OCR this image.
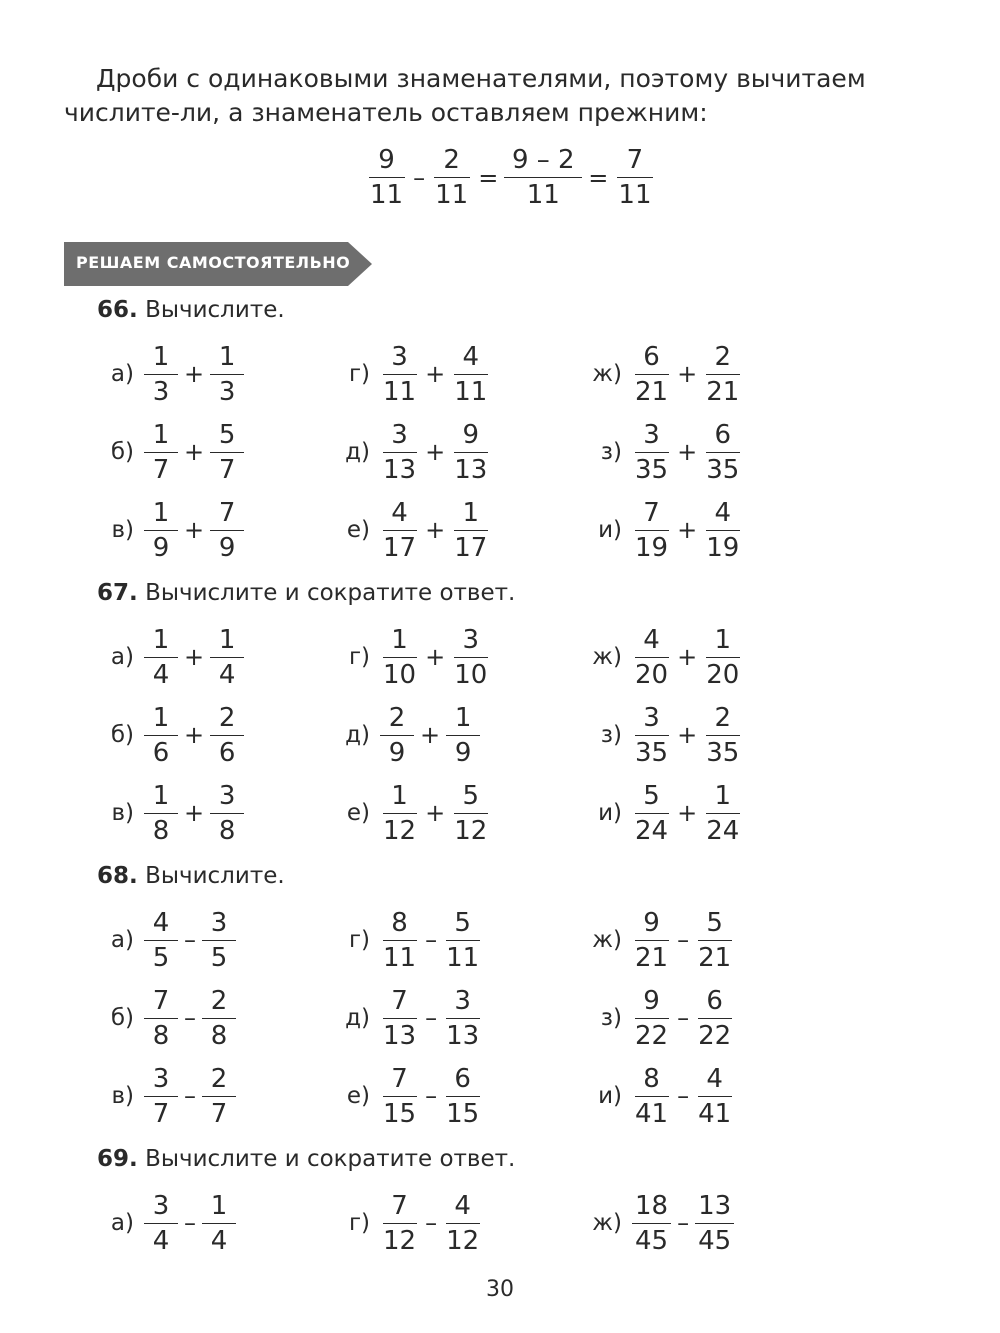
Дроби с одинаковыми знаменателями, поэтому вычитаем числите-ли, а знаменатель оставляем прежним:

$\frac{9}{11} - \frac{2}{11} = \frac{9 - 2}{11} = \frac{7}{11}$
РЕШАЕМ САМОСТОЯТЕЛЬНО
66. Вычислите.
$а) \frac{1}{3} + \frac{1}{3}$
$б) \frac{1}{7} + \frac{5}{7}$
$в) \frac{1}{9} + \frac{7}{9}$
$г) \frac{3}{11} + \frac{4}{11}$
$д) \frac{3}{13} + \frac{9}{13}$
$е) \frac{4}{17} + \frac{1}{17}$
$ж) \frac{6}{21} + \frac{2}{21}$
$з) \frac{3}{35} + \frac{6}{35}$
$и) \frac{7}{19} + \frac{4}{19}$
67. Вычислите и сократите ответ.
$а) \frac{1}{4} + \frac{1}{4}$
$б) \frac{1}{6} + \frac{2}{6}$
$в) \frac{1}{8} + \frac{3}{8}$
$г) \frac{1}{10} + \frac{3}{10}$
$д) \frac{2}{9} + \frac{1}{9}$
$е) \frac{1}{12} + \frac{5}{12}$
$ж) \frac{4}{20} + \frac{1}{20}$
$з) \frac{3}{35} + \frac{2}{35}$
$и) \frac{5}{24} + \frac{1}{24}$
68. Вычислите.
$а) \frac{4}{5} - \frac{3}{5}$
$б) \frac{7}{8} - \frac{2}{8}$
$в) \frac{3}{7} - \frac{2}{7}$
$г) \frac{8}{11} - \frac{5}{11}$
$д) \frac{7}{13} - \frac{3}{13}$
$е) \frac{7}{15} - \frac{6}{15}$
$ж) \frac{9}{21} - \frac{5}{21}$
$з) \frac{9}{22} - \frac{6}{22}$
$и) \frac{8}{41} - \frac{4}{41}$
69. Вычислите и сократите ответ.
$а) \frac{3}{4} - \frac{1}{4}$	$г) \frac{7}{12} - \frac{4}{12}$	$ж) \frac{18}{45} - \frac{13}{45}$
30
